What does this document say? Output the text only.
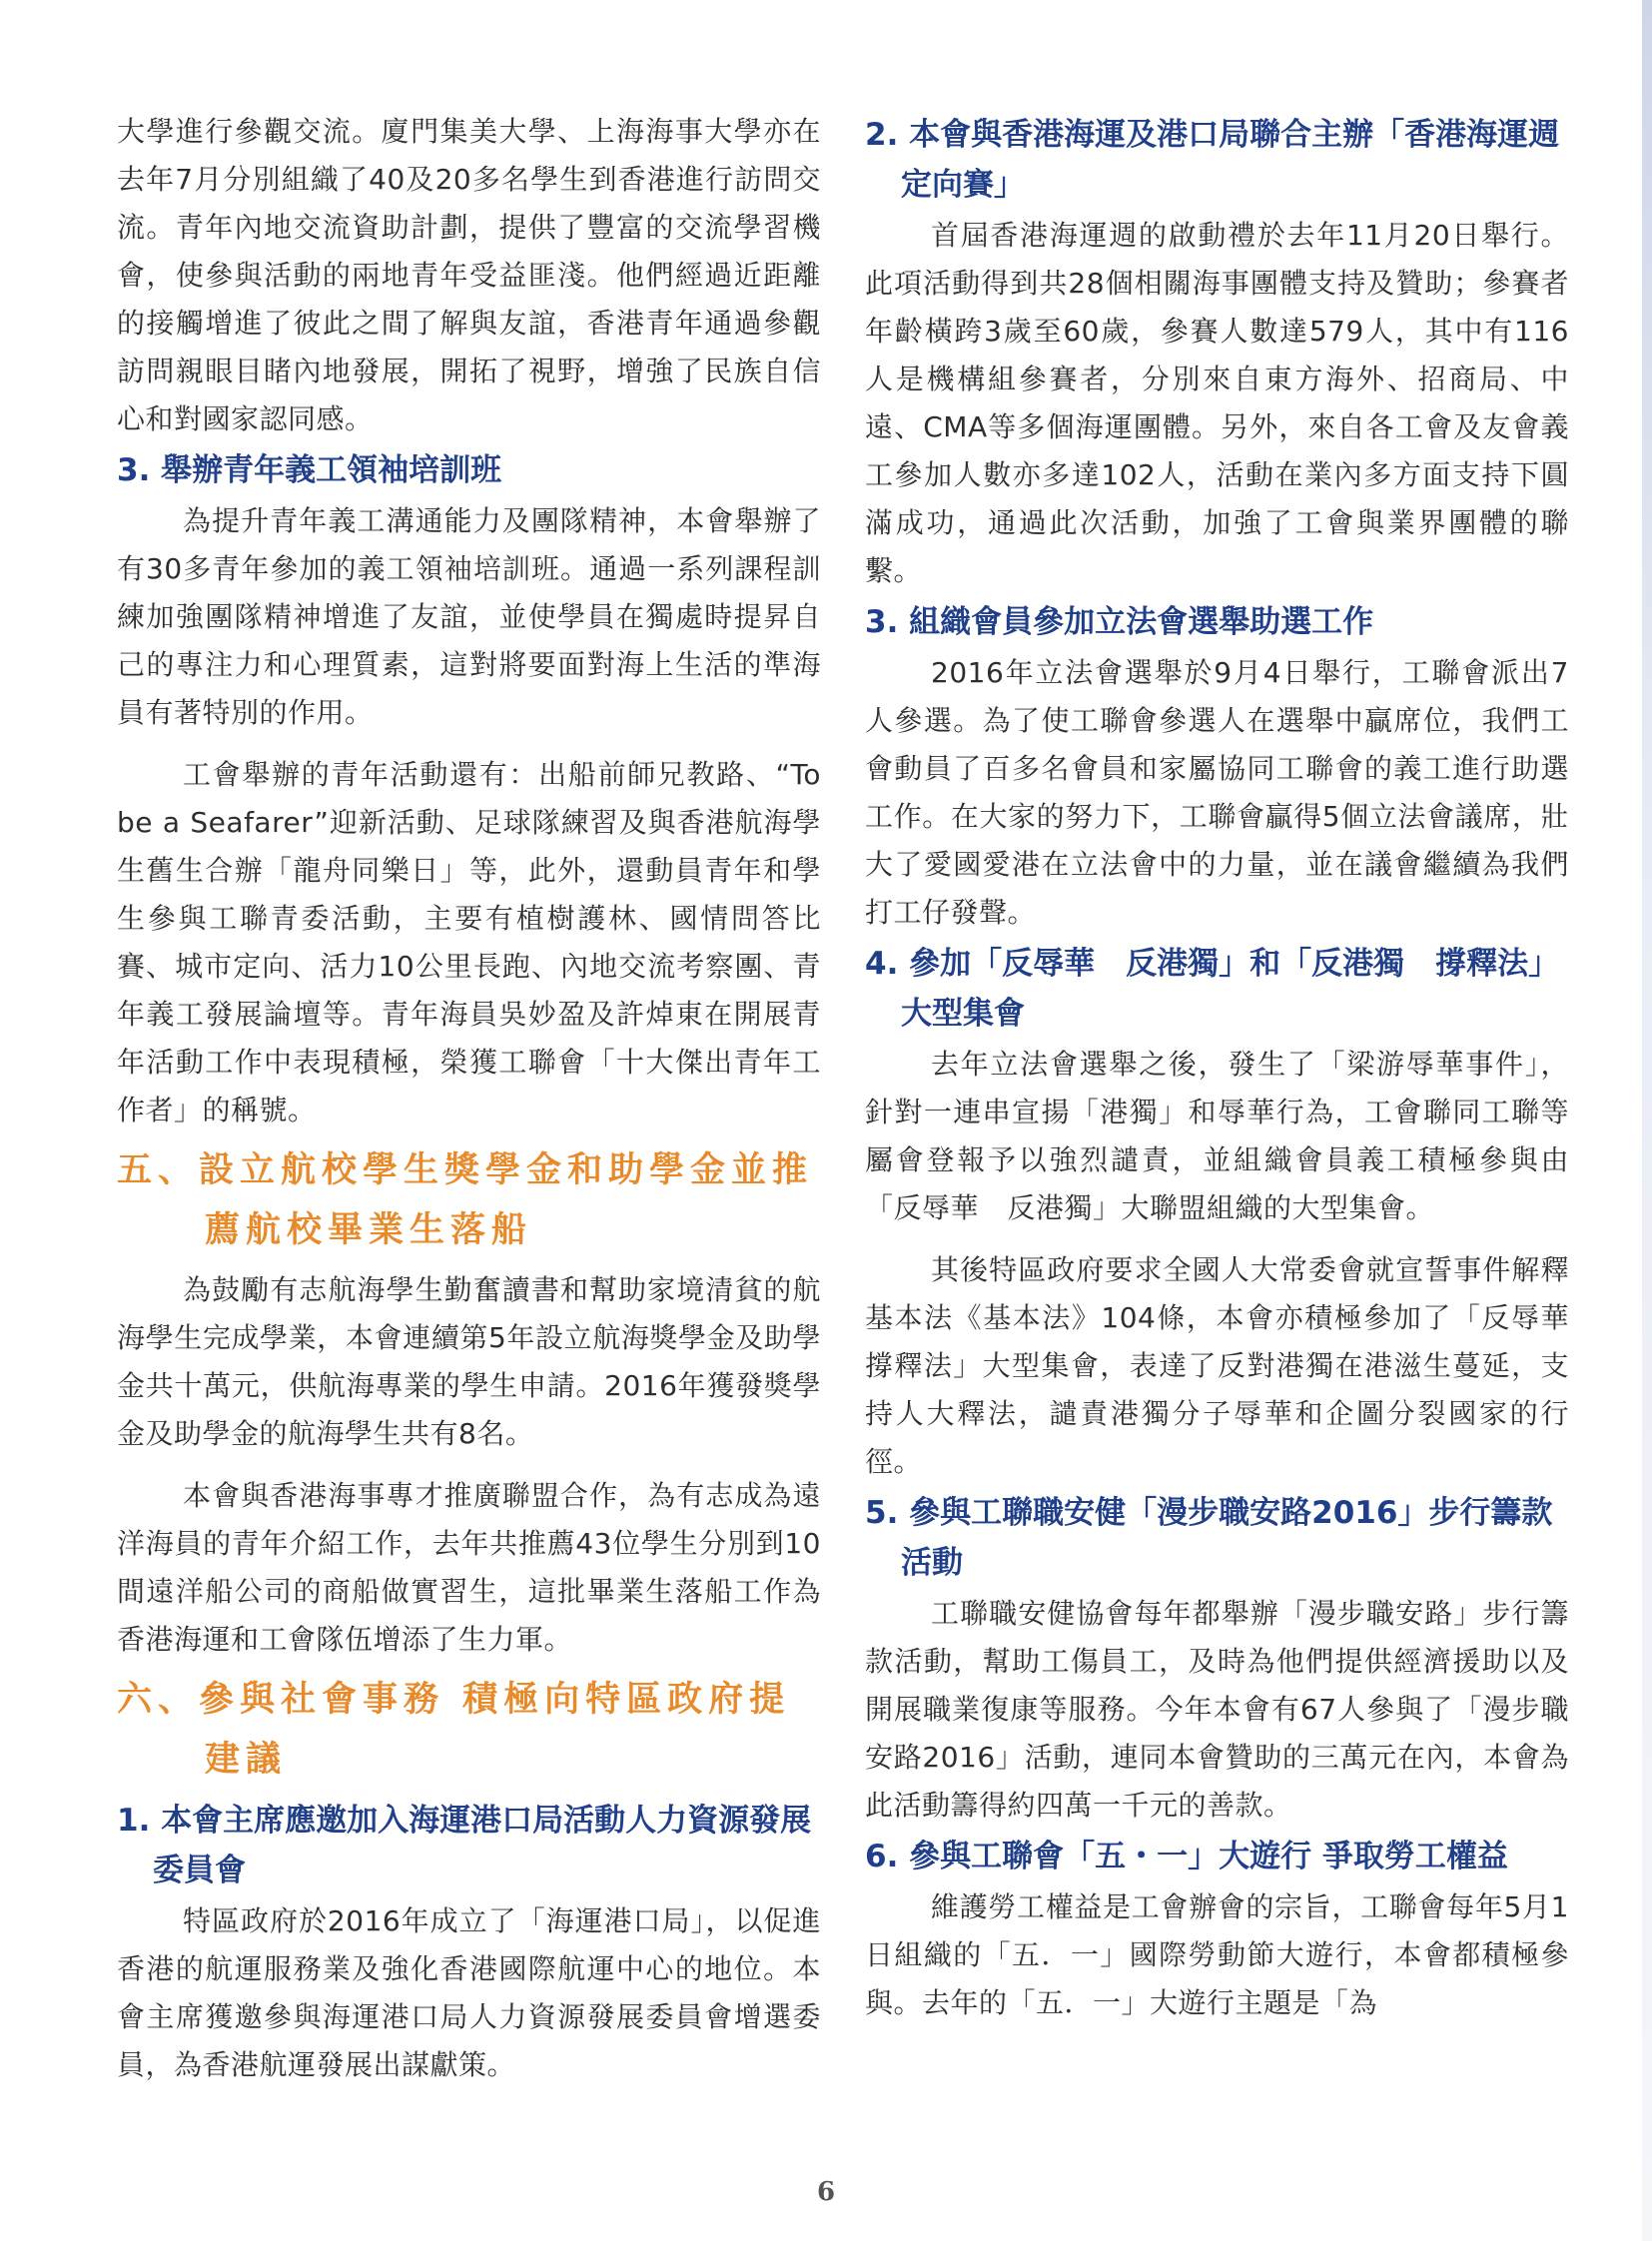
大學進行參觀交流。廈門集美大學、上海海事大學亦在去年7月分別組織了40及20多名學生到香港進行訪問交流。青年內地交流資助計劃，提供了豐富的交流學習機會，使參與活動的兩地青年受益匪淺。他們經過近距離的接觸增進了彼此之間了解與友誼，香港青年通過參觀訪問親眼目睹內地發展，開拓了視野，增強了民族自信心和對國家認同感。

3. 舉辦青年義工領袖培訓班

為提升青年義工溝通能力及團隊精神，本會舉辦了有30多青年參加的義工領袖培訓班。通過一系列課程訓練加強團隊精神增進了友誼，並使學員在獨處時提昇自己的專注力和心理質素，這對將要面對海上生活的準海員有著特別的作用。

工會舉辦的青年活動還有：出船前師兄教路、“To be a Seafarer”迎新活動、足球隊練習及與香港航海學生舊生合辦「龍舟同樂日」等，此外，還動員青年和學生參與工聯青委活動，主要有植樹護林、國情問答比賽、城市定向、活力10公里長跑、內地交流考察團、青年義工發展論壇等。青年海員吳妙盈及許焯東在開展青年活動工作中表現積極，榮獲工聯會「十大傑出青年工作者」的稱號。

五、設立航校學生獎學金和助學金並推薦航校畢業生落船

為鼓勵有志航海學生勤奮讀書和幫助家境清貧的航海學生完成學業，本會連續第5年設立航海獎學金及助學金共十萬元，供航海專業的學生申請。2016年獲發獎學金及助學金的航海學生共有8名。

本會與香港海事專才推廣聯盟合作，為有志成為遠洋海員的青年介紹工作，去年共推薦43位學生分別到10間遠洋船公司的商船做實習生，這批畢業生落船工作為香港海運和工會隊伍增添了生力軍。

六、參與社會事務 積極向特區政府提建議
1. 本會主席應邀加入海運港口局活動人力資源發展委員會

特區政府於2016年成立了「海運港口局」，以促進香港的航運服務業及強化香港國際航運中心的地位。本會主席獲邀參與海運港口局人力資源發展委員會增選委員，為香港航運發展出謀獻策。

2. 本會與香港海運及港口局聯合主辦「香港海運週定向賽」

首屆香港海運週的啟動禮於去年11月20日舉行。此項活動得到共28個相關海事團體支持及贊助；參賽者年齡橫跨3歲至60歲，參賽人數達579人，其中有116人是機構組參賽者，分別來自東方海外、招商局、中遠、CMA等多個海運團體。另外，來自各工會及友會義工參加人數亦多達102人，活動在業內多方面支持下圓滿成功，通過此次活動，加強了工會與業界團體的聯繫。

3. 組織會員參加立法會選舉助選工作

2016年立法會選舉於9月4日舉行，工聯會派出7人參選。為了使工聯會參選人在選舉中贏席位，我們工會動員了百多名會員和家屬協同工聯會的義工進行助選工作。在大家的努力下，工聯會贏得5個立法會議席，壯大了愛國愛港在立法會中的力量，並在議會繼續為我們打工仔發聲。

4. 參加「反辱華　反港獨」和「反港獨　撐釋法」大型集會

去年立法會選舉之後，發生了「梁游辱華事件」，針對一連串宣揚「港獨」和辱華行為，工會聯同工聯等屬會登報予以強烈譴責，並組織會員義工積極參與由「反辱華　反港獨」大聯盟組織的大型集會。

其後特區政府要求全國人大常委會就宣誓事件解釋基本法《基本法》104條，本會亦積極參加了「反辱華　撐釋法」大型集會，表達了反對港獨在港滋生蔓延，支持人大釋法，譴責港獨分子辱華和企圖分裂國家的行徑。

5. 參與工聯職安健「漫步職安路2016」步行籌款活動

工聯職安健協會每年都舉辦「漫步職安路」步行籌款活動，幫助工傷員工，及時為他們提供經濟援助以及開展職業復康等服務。今年本會有67人參與了「漫步職安路2016」活動，連同本會贊助的三萬元在內，本會為此活動籌得約四萬一千元的善款。

6. 參與工聯會「五・一」大遊行 爭取勞工權益

維護勞工權益是工會辦會的宗旨，工聯會每年5月1日組織的「五．一」國際勞動節大遊行，本會都積極參與。去年的「五．一」大遊行主題是「為

6
